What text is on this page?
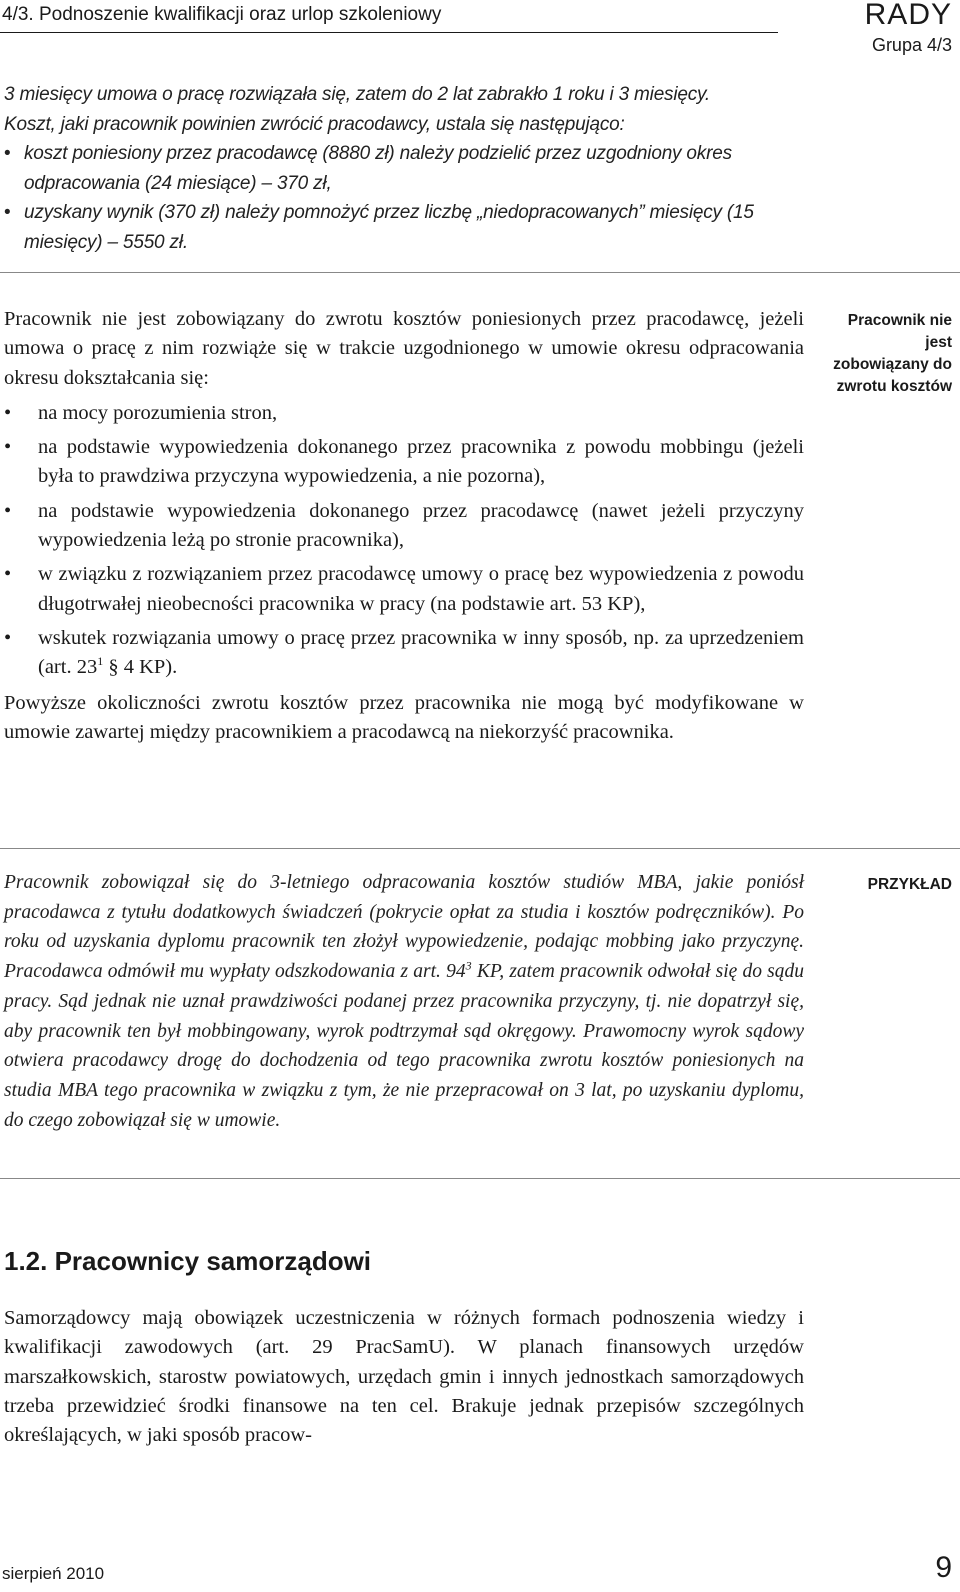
4/3. Podnoszenie kwalifikacji oraz urlop szkoleniowy	RADY
Grupa 4/3

3 miesięcy umowa o pracę rozwiązała się, zatem do 2 lat zabrakło 1 roku i 3 miesięcy.

Koszt, jaki pracownik powinien zwrócić pracodawcy, ustala się następująco:

• koszt poniesiony przez pracodawcę (8880 zł) należy podzielić przez uzgodniony okres odpracowania (24 miesiące) – 370 zł,
• uzyskany wynik (370 zł) należy pomnożyć przez liczbę „niedopracowanych” miesięcy (15 miesięcy) – 5550 zł.

Pracownik nie jest zobowiązany do zwrotu kosztów poniesionych przez pracodawcę, jeżeli umowa o pracę z nim rozwiąże się w trakcie uzgodnionego w umowie okresu odpracowania okresu dokształcania się:

• na mocy porozumienia stron,
• na podstawie wypowiedzenia dokonanego przez pracownika z powodu mobbingu (jeżeli była to prawdziwa przyczyna wypowiedzenia, a nie pozorna),
• na podstawie wypowiedzenia dokonanego przez pracodawcę (nawet jeżeli przyczyny wypowiedzenia leżą po stronie pracownika),
• w związku z rozwiązaniem przez pracodawcę umowy o pracę bez wypowiedzenia z powodu długotrwałej nieobecności pracownika w pracy (na podstawie art. 53 KP),
• wskutek rozwiązania umowy o pracę przez pracownika w inny sposób, np. za uprzedzeniem (art. $23^1$ § 4 KP).

Powyższe okoliczności zwrotu kosztów przez pracownika nie mogą być modyfikowane w umowie zawartej między pracownikiem a pracodawcą na niekorzyść pracownika.

Pracownik nie jest zobowiązany do zwrotu kosztów

Pracownik zobowiązał się do 3-letniego odpracowania kosztów studiów MBA, jakie poniósł pracodawca z tytułu dodatkowych świadczeń (pokrycie opłat za studia i kosztów podręczników). Po roku od uzyskania dyplomu pracownik ten złożył wypowiedzenie, podając mobbing jako przyczynę. Pracodawca odmówił mu wypłaty odszkodowania z art. $94^3$ KP, zatem pracownik odwołał się do sądu pracy. Sąd jednak nie uznał prawdziwości podanej przez pracownika przyczyny, tj. nie dopatrzył się, aby pracownik ten był mobbingowany, wyrok podtrzymał sąd okręgowy. Prawomocny wyrok sądowy otwiera pracodawcy drogę do dochodzenia od tego pracownika zwrotu kosztów poniesionych na studia MBA tego pracownika w związku z tym, że nie przepracował on 3 lat, po uzyskaniu dyplomu, do czego zobowiązał się w umowie.

PRZYKŁAD
1.2. Pracownicy samorządowi

Samorządowcy mają obowiązek uczestniczenia w różnych formach podnoszenia wiedzy i kwalifikacji zawodowych (art. 29 PracSamU). W planach finansowych urzędów marszałkowskich, starostw powiatowych, urzędach gmin i innych jednostkach samorządowych trzeba przewidzieć środki finansowe na ten cel. Brakuje jednak przepisów szczególnych określających, w jaki sposób pracow-

sierpień 2010	9
